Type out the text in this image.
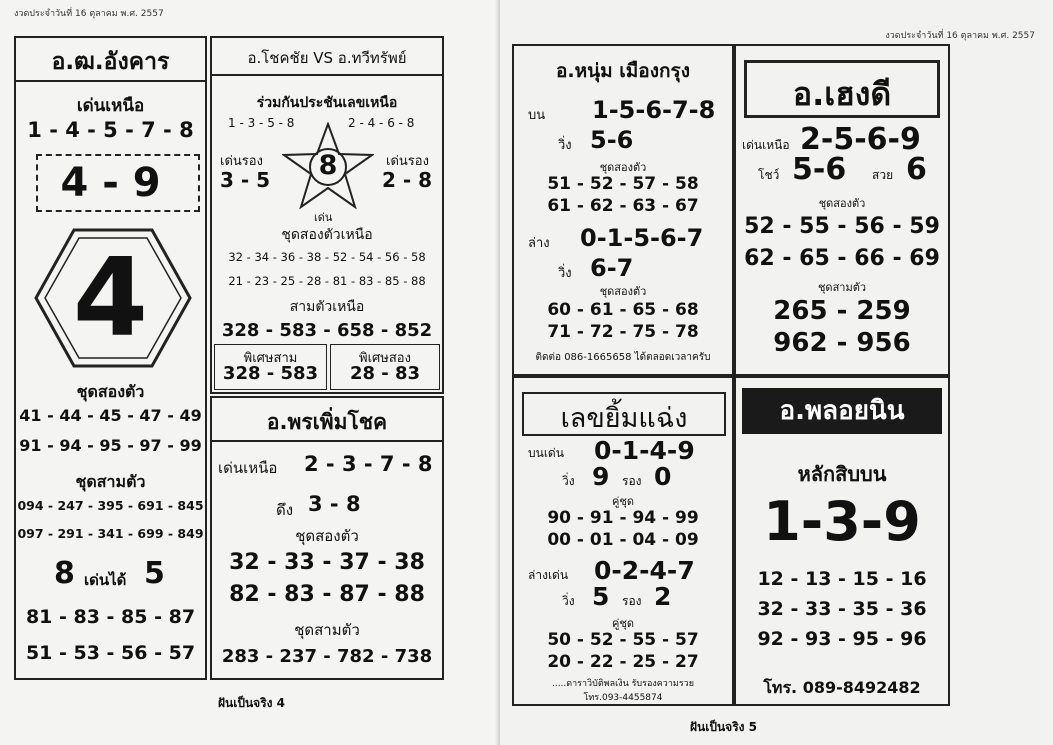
งวดประจำวันที่ 16 ตุลาคม พ.ศ. 2557
อ.ฒ.อังคาร
เด่นเหนือ
1 - 4 - 5 - 7 - 8
4 - 9
4
ชุดสองตัว
41 - 44 - 45 - 47 - 49
91 - 94 - 95 - 97 - 99
ชุดสามตัว
094 - 247 - 395 - 691 - 845
097 - 291 - 341 - 699 - 849
8 เด่นได้ 5
81 - 83 - 85 - 87
51 - 53 - 56 - 57
อ.โชคชัย VS อ.ทวีทรัพย์
ร่วมกันประชันเลขเหนือ
1 - 3 - 5 - 8	2 - 4 - 6 - 8
8
เด่นรอง
3 - 5
เด่นรอง
2 - 8
เด่น
ชุดสองตัวเหนือ
32 - 34 - 36 - 38 - 52 - 54 - 56 - 58
21 - 23 - 25 - 28 - 81 - 83 - 85 - 88
สามตัวเหนือ
328 - 583 - 658 - 852
พิเศษสาม
328 - 583
พิเศษสอง
28 - 83
อ.พรเพิ่มโชค
เด่นเหนือ 2 - 3 - 7 - 8
ดึง 3 - 8
ชุดสองตัว
32 - 33 - 37 - 38
82 - 83 - 87 - 88
ชุดสามตัว
283 - 237 - 782 - 738
ฝันเป็นจริง 4
งวดประจำวันที่ 16 ตุลาคม พ.ศ. 2557
อ.หนุ่ม เมืองกรุง
บน 1-5-6-7-8
วิ่ง 5-6
ชุดสองตัว
51 - 52 - 57 - 58
61 - 62 - 63 - 67
ล่าง 0-1-5-6-7
วิ่ง 6-7
ชุดสองตัว
60 - 61 - 65 - 68
71 - 72 - 75 - 78
ติดต่อ 086-1665658 ได้ตลอดเวลาครับ
อ.เฮงดี
เด่นเหนือ 2-5-6-9
โชว์ 5-6 สวย 6
ชุดสองตัว
52 - 55 - 56 - 59
62 - 65 - 66 - 69
ชุดสามตัว
265 - 259
962 - 956
เลขยิ้มแฉ่ง
บนเด่น 0-1-4-9
วิ่ง 9 รอง 0
คู่ชุด
90 - 91 - 94 - 99
00 - 01 - 04 - 09
ล่างเด่น 0-2-4-7
วิ่ง 5 รอง 2
คู่ชุด
50 - 52 - 55 - 57
20 - 22 - 25 - 27
.....ดาราวิบัติพลเงิน รับรองความรวย
โทร.093-4455874
อ.พลอยนิน
หลักสิบบน
1-3-9
12 - 13 - 15 - 16
32 - 33 - 35 - 36
92 - 93 - 95 - 96
โทร. 089-8492482
ฝันเป็นจริง 5
